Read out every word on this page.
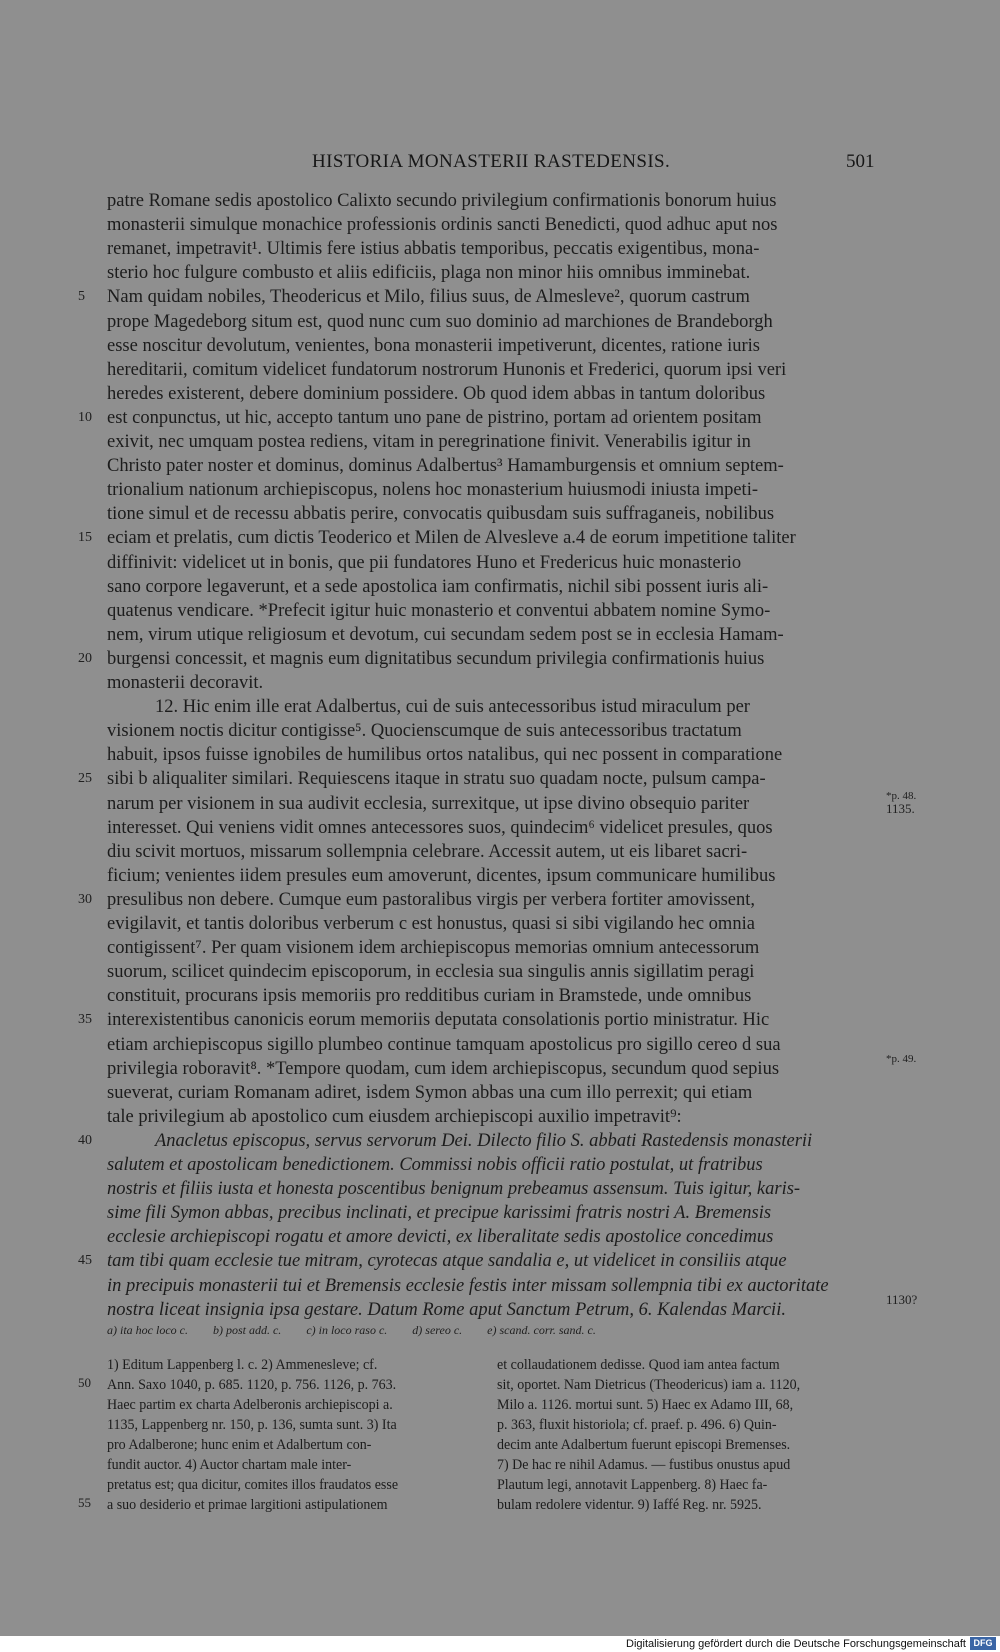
HISTORIA MONASTERII RASTEDENSIS.	501
patre Romane sedis apostolico Calixto secundo privilegium confirmationis bonorum huius
monasterii simulque monachice professionis ordinis sancti Benedicti, quod adhuc aput nos
remanet, impetravit¹. Ultimis fere istius abbatis temporibus, peccatis exigentibus, mona-
sterio hoc fulgure combusto et aliis edificiis, plaga non minor hiis omnibus imminebat.
Nam quidam nobiles, Theodericus et Milo, filius suus, de Almesleve², quorum castrum
5
prope Magedeborg situm est, quod nunc cum suo dominio ad marchiones de Brandeborgh
esse noscitur devolutum, venientes, bona monasterii impetiverunt, dicentes, ratione iuris
hereditarii, comitum videlicet fundatorum nostrorum Hunonis et Frederici, quorum ipsi veri
heredes existerent, debere dominium possidere. Ob quod idem abbas in tantum doloribus
est conpunctus, ut hic, accepto tantum uno pane de pistrino, portam ad orientem positam
10
exivit, nec umquam postea rediens, vitam in peregrinatione finivit. Venerabilis igitur in
Christo pater noster et dominus, dominus Adalbertus³ Hamamburgensis et omnium septem-
trionalium nationum archiepiscopus, nolens hoc monasterium huiusmodi iniusta impeti-
tione simul et de recessu abbatis perire, convocatis quibusdam suis suffraganeis, nobilibus
eciam et prelatis, cum dictis Teoderico et Milen de Alvesleve a.4 de eorum impetitione taliter
15
diffinivit: videlicet ut in bonis, que pii fundatores Huno et Fredericus huic monasterio
sano corpore legaverunt, et a sede apostolica iam confirmatis, nichil sibi possent iuris ali-
quatenus vendicare. *Prefecit igitur huic monasterio et conventui abbatem nomine Symo-
nem, virum utique religiosum et devotum, cui secundam sedem post se in ecclesia Hamam-
burgensi concessit, et magnis eum dignitatibus secundum privilegia confirmationis huius
20
monasterii decoravit.
12. Hic enim ille erat Adalbertus, cui de suis antecessoribus istud miraculum per
visionem noctis dicitur contigisse⁵. Quocienscumque de suis antecessoribus tractatum
habuit, ipsos fuisse ignobiles de humilibus ortos natalibus, qui nec possent in comparatione
sibi b aliqualiter similari. Requiescens itaque in stratu suo quadam nocte, pulsum campa-
25
narum per visionem in sua audivit ecclesia, surrexitque, ut ipse divino obsequio pariter
interesset. Qui veniens vidit omnes antecessores suos, quindecim⁶ videlicet presules, quos
diu scivit mortuos, missarum sollempnia celebrare. Accessit autem, ut eis libaret sacri-
ficium; venientes iidem presules eum amoverunt, dicentes, ipsum communicare humilibus
presulibus non debere. Cumque eum pastoralibus virgis per verbera fortiter amovissent,
30
evigilavit, et tantis doloribus verberum c est honustus, quasi si sibi vigilando hec omnia
contigissent⁷. Per quam visionem idem archiepiscopus memorias omnium antecessorum
suorum, scilicet quindecim episcoporum, in ecclesia sua singulis annis sigillatim peragi
constituit, procurans ipsis memoriis pro redditibus curiam in Bramstede, unde omnibus
interexistentibus canonicis eorum memoriis deputata consolationis portio ministratur. Hic
35
etiam archiepiscopus sigillo plumbeo continue tamquam apostolicus pro sigillo cereo d sua
privilegia roboravit⁸. *Tempore quodam, cum idem archiepiscopus, secundum quod sepius
sueverat, curiam Romanam adiret, isdem Symon abbas una cum illo perrexit; qui etiam
tale privilegium ab apostolico cum eiusdem archiepiscopi auxilio impetravit⁹:
Anacletus episcopus, servus servorum Dei. Dilecto filio S. abbati Rastedensis monasterii
40
salutem et apostolicam benedictionem. Commissi nobis officii ratio postulat, ut fratribus
nostris et filiis iusta et honesta poscentibus benignum prebeamus assensum. Tuis igitur, karis-
sime fili Symon abbas, precibus inclinati, et precipue karissimi fratris nostri A. Bremensis
ecclesie archiepiscopi rogatu et amore devicti, ex liberalitate sedis apostolice concedimus
tam tibi quam ecclesie tue mitram, cyrotecas atque sandalia e, ut videlicet in consiliis atque
45
in precipuis monasterii tui et Bremensis ecclesie festis inter missam sollempnia tibi ex auctoritate
nostra liceat insignia ipsa gestare. Datum Rome aput Sanctum Petrum, 6. Kalendas Marcii.
*p. 48.
1135.
*p. 49.
1130?
a) ita hoc loco c. b) post add. c. c) in loco raso c. d) sereo c. e) scand. corr. sand. c.
50
55
1) Editum Lappenberg l. c. 2) Ammenesleve; cf.
Ann. Saxo 1040, p. 685. 1120, p. 756. 1126, p. 763.
Haec partim ex charta Adelberonis archiepiscopi a.
1135, Lappenberg nr. 150, p. 136, sumta sunt. 3) Ita
pro Adalberone; hunc enim et Adalbertum con-
fundit auctor. 4) Auctor chartam male inter-
pretatus est; qua dicitur, comites illos fraudatos esse
a suo desiderio et primae largitioni astipulationem
et collaudationem dedisse. Quod iam antea factum
sit, oportet. Nam Dietricus (Theodericus) iam a. 1120,
Milo a. 1126. mortui sunt. 5) Haec ex Adamo III, 68,
p. 363, fluxit historiola; cf. praef. p. 496. 6) Quin-
decim ante Adalbertum fuerunt episcopi Bremenses.
7) De hac re nihil Adamus. — fustibus onustus apud
Plautum legi, annotavit Lappenberg. 8) Haec fa-
bulam redolere videntur. 9) Iaffé Reg. nr. 5925.
Digitalisierung gefördert durch die Deutsche Forschungsgemeinschaft DFG
